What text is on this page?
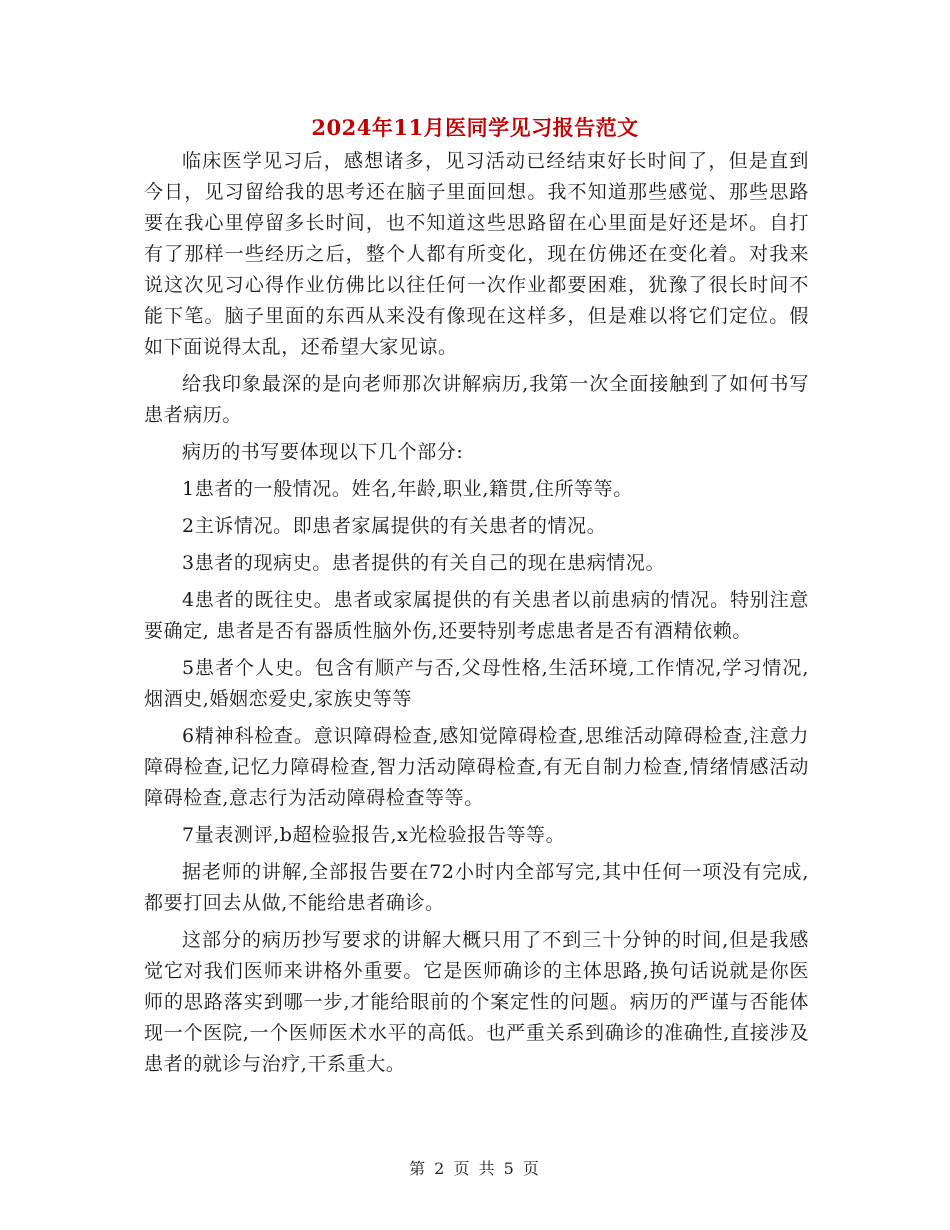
2024年11月医同学见习报告范文

临床医学见习后，感想诸多，见习活动已经结束好长时间了，但是直到今日，见习留给我的思考还在脑子里面回想。我不知道那些感觉、那些思路要在我心里停留多长时间，也不知道这些思路留在心里面是好还是坏。自打有了那样一些经历之后，整个人都有所变化，现在仿佛还在变化着。对我来说这次见习心得作业仿佛比以往任何一次作业都要困难，犹豫了很长时间不能下笔。脑子里面的东西从来没有像现在这样多，但是难以将它们定位。假如下面说得太乱，还希望大家见谅。

给我印象最深的是向老师那次讲解病历,我第一次全面接触到了如何书写患者病历。

病历的书写要体现以下几个部分:

1患者的一般情况。姓名,年龄,职业,籍贯,住所等等。

2主诉情况。即患者家属提供的有关患者的情况。

3患者的现病史。患者提供的有关自己的现在患病情况。

4患者的既往史。患者或家属提供的有关患者以前患病的情况。特别注意要确定, 患者是否有器质性脑外伤,还要特别考虑患者是否有酒精依赖。

5患者个人史。包含有顺产与否,父母性格,生活环境,工作情况,学习情况,烟酒史,婚姻恋爱史,家族史等等

6精神科检查。意识障碍检查,感知觉障碍检查,思维活动障碍检查,注意力障碍检查,记忆力障碍检查,智力活动障碍检查,有无自制力检查,情绪情感活动障碍检查,意志行为活动障碍检查等等。

7量表测评,b超检验报告,x光检验报告等等。

据老师的讲解,全部报告要在72小时内全部写完,其中任何一项没有完成,都要打回去从做,不能给患者确诊。

这部分的病历抄写要求的讲解大概只用了不到三十分钟的时间,但是我感觉它对我们医师来讲格外重要。它是医师确诊的主体思路,换句话说就是你医师的思路落实到哪一步,才能给眼前的个案定性的问题。病历的严谨与否能体现一个医院,一个医师医术水平的高低。也严重关系到确诊的准确性,直接涉及患者的就诊与治疗,干系重大。

第 2 页 共 5 页
